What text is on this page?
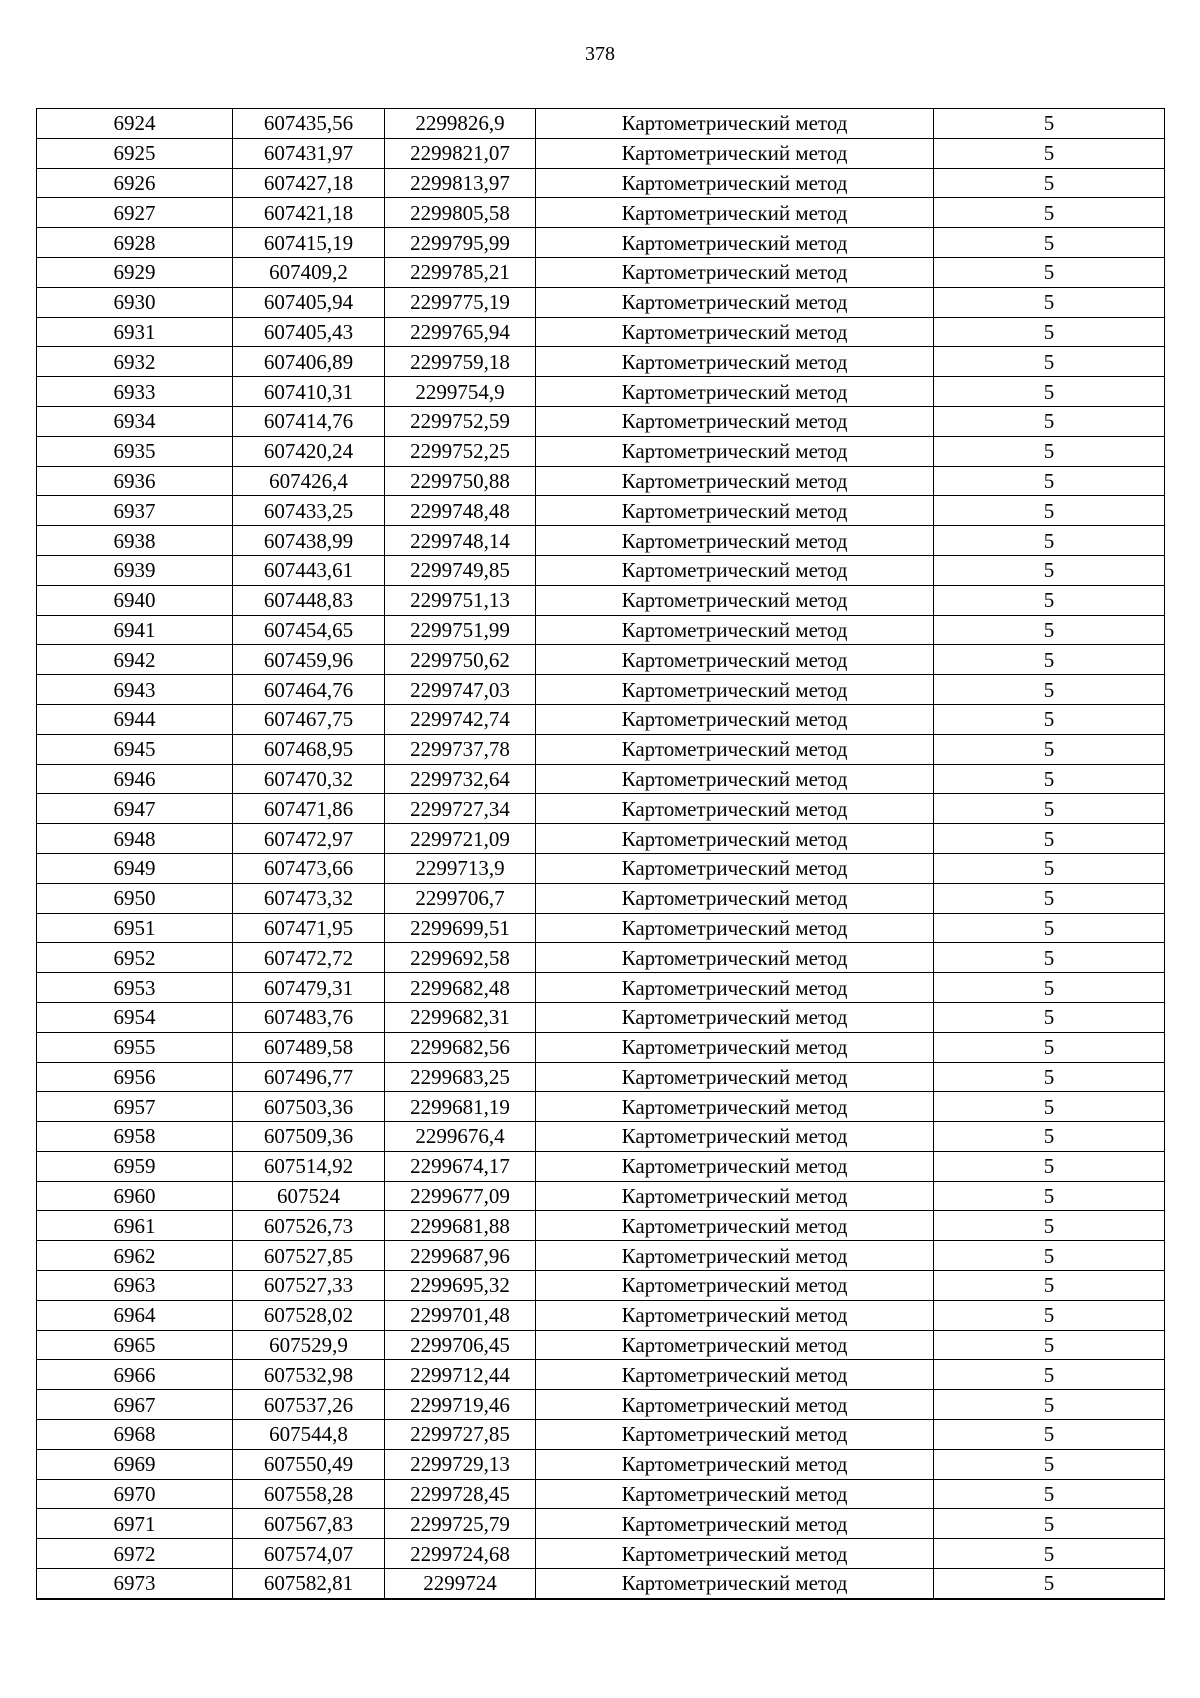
378
6924	607435,56	2299826,9	Картометрический метод	5
6925	607431,97	2299821,07	Картометрический метод	5
6926	607427,18	2299813,97	Картометрический метод	5
6927	607421,18	2299805,58	Картометрический метод	5
6928	607415,19	2299795,99	Картометрический метод	5
6929	607409,2	2299785,21	Картометрический метод	5
6930	607405,94	2299775,19	Картометрический метод	5
6931	607405,43	2299765,94	Картометрический метод	5
6932	607406,89	2299759,18	Картометрический метод	5
6933	607410,31	2299754,9	Картометрический метод	5
6934	607414,76	2299752,59	Картометрический метод	5
6935	607420,24	2299752,25	Картометрический метод	5
6936	607426,4	2299750,88	Картометрический метод	5
6937	607433,25	2299748,48	Картометрический метод	5
6938	607438,99	2299748,14	Картометрический метод	5
6939	607443,61	2299749,85	Картометрический метод	5
6940	607448,83	2299751,13	Картометрический метод	5
6941	607454,65	2299751,99	Картометрический метод	5
6942	607459,96	2299750,62	Картометрический метод	5
6943	607464,76	2299747,03	Картометрический метод	5
6944	607467,75	2299742,74	Картометрический метод	5
6945	607468,95	2299737,78	Картометрический метод	5
6946	607470,32	2299732,64	Картометрический метод	5
6947	607471,86	2299727,34	Картометрический метод	5
6948	607472,97	2299721,09	Картометрический метод	5
6949	607473,66	2299713,9	Картометрический метод	5
6950	607473,32	2299706,7	Картометрический метод	5
6951	607471,95	2299699,51	Картометрический метод	5
6952	607472,72	2299692,58	Картометрический метод	5
6953	607479,31	2299682,48	Картометрический метод	5
6954	607483,76	2299682,31	Картометрический метод	5
6955	607489,58	2299682,56	Картометрический метод	5
6956	607496,77	2299683,25	Картометрический метод	5
6957	607503,36	2299681,19	Картометрический метод	5
6958	607509,36	2299676,4	Картометрический метод	5
6959	607514,92	2299674,17	Картометрический метод	5
6960	607524	2299677,09	Картометрический метод	5
6961	607526,73	2299681,88	Картометрический метод	5
6962	607527,85	2299687,96	Картометрический метод	5
6963	607527,33	2299695,32	Картометрический метод	5
6964	607528,02	2299701,48	Картометрический метод	5
6965	607529,9	2299706,45	Картометрический метод	5
6966	607532,98	2299712,44	Картометрический метод	5
6967	607537,26	2299719,46	Картометрический метод	5
6968	607544,8	2299727,85	Картометрический метод	5
6969	607550,49	2299729,13	Картометрический метод	5
6970	607558,28	2299728,45	Картометрический метод	5
6971	607567,83	2299725,79	Картометрический метод	5
6972	607574,07	2299724,68	Картометрический метод	5
6973	607582,81	2299724	Картометрический метод	5
